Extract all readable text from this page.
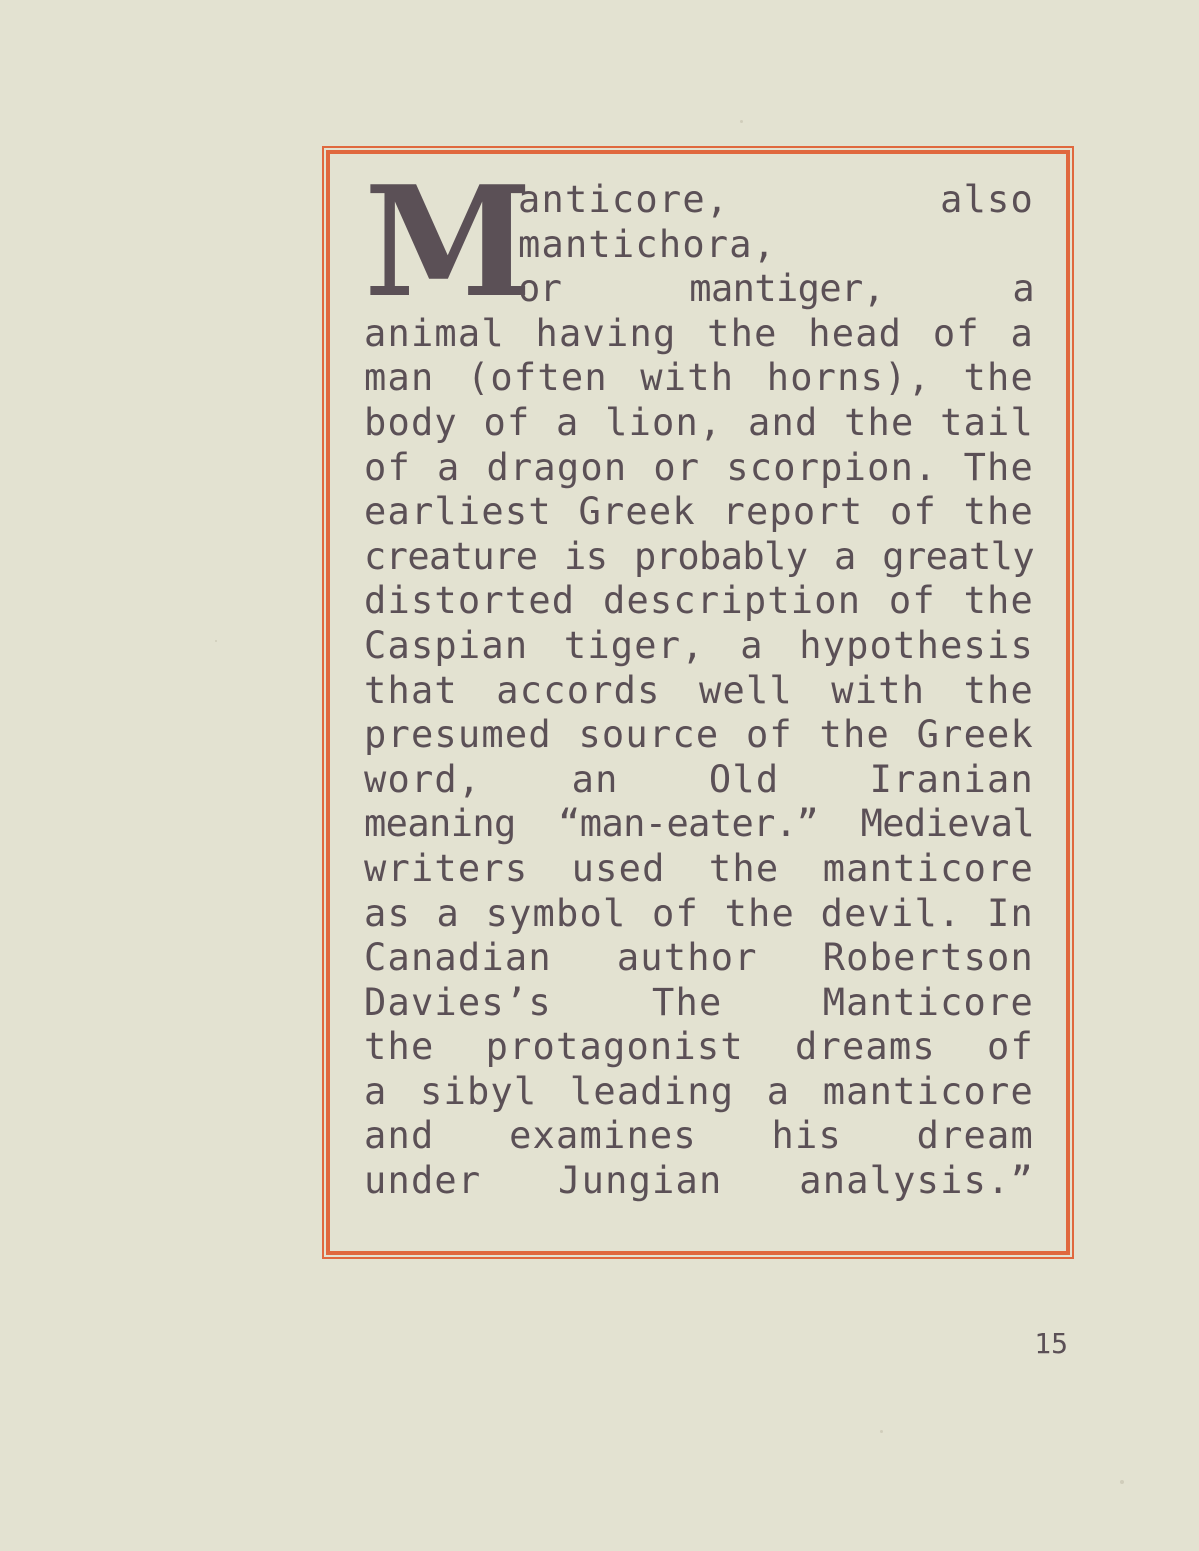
M
anticore, also
mantichora,
or mantiger, a
animal having the head of a
man (often with horns), the
body of a lion, and the tail
of a dragon or scorpion. The
earliest Greek report of the
creature is probably a greatly
distorted description of the
Caspian tiger, a hypothesis
that accords well with the
presumed source of the Greek
word, an Old Iranian
meaning “man-eater.” Medieval
writers used the manticore
as a symbol of the devil. In
Canadian author Robertson
Davies’s The Manticore
the protagonist dreams of
a sibyl leading a manticore
and examines his dream
under Jungian analysis.”
15
